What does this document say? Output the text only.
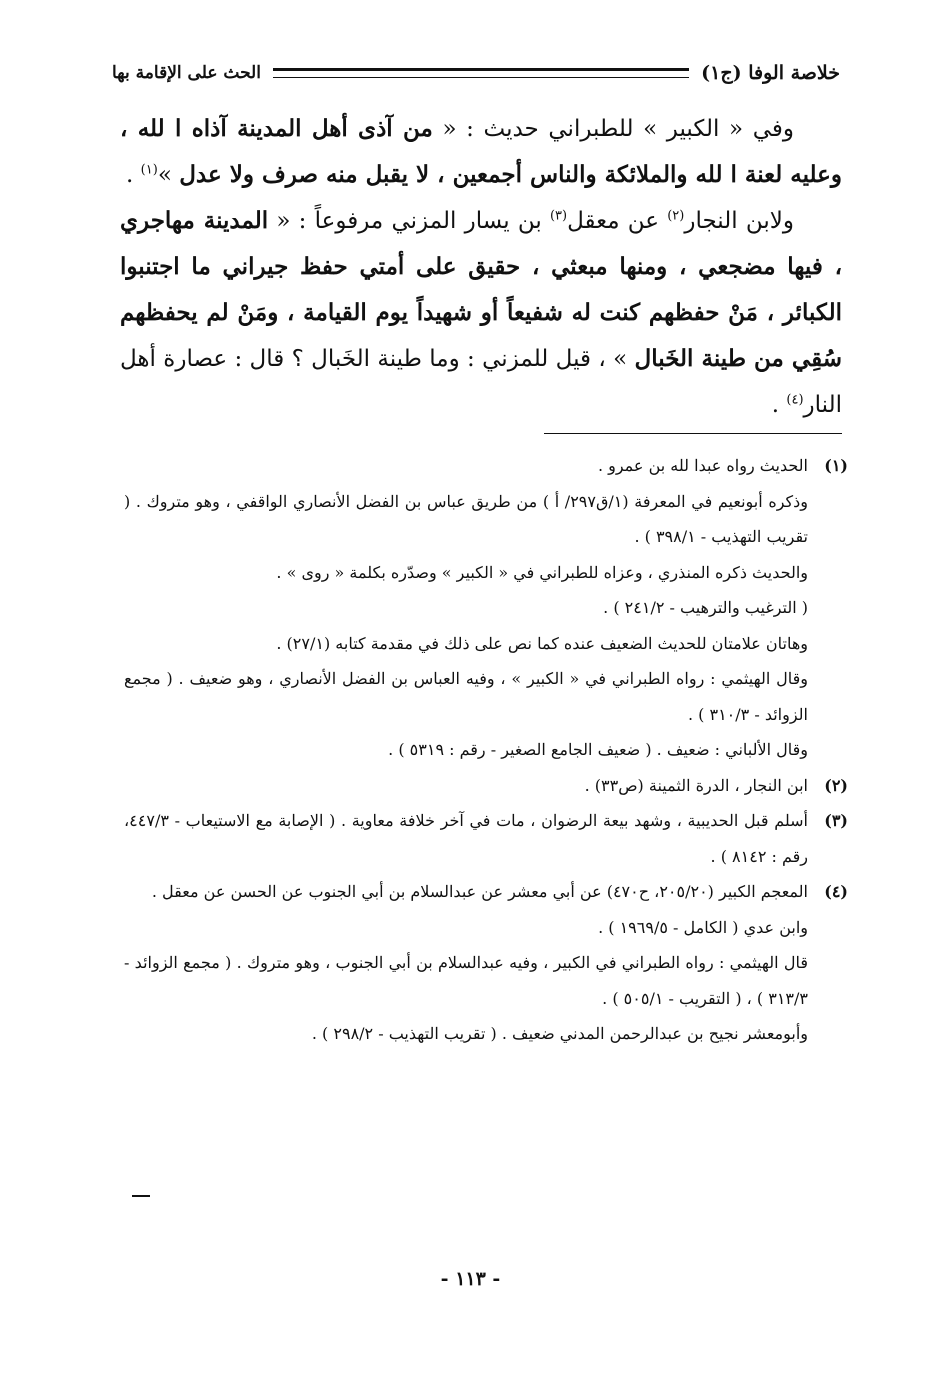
خلاصة الوفا (ج١)
الحث على الإقامة بها

وفي « الكبير » للطبراني حديث : « من آذى أهل المدينة آذاه ا لله ، وعليه لعنة ا لله والملائكة والناس أجمعين ، لا يقبل منه صرف ولا عدل »$^{(١)}$ .

ولابن النجار$^{(٢)}$ عن معقل$^{(٣)}$ بن يسار المزني مرفوعاً : « المدينة مهاجري ، فيها مضجعي ، ومنها مبعثي ، حقيق على أمتي حفظ جيراني ما اجتنبوا الكبائر ، مَنْ حفظهم كنت له شفيعاً أو شهيداً يوم القيامة ، ومَنْ لم يحفظهم سُقِي من طينة الخَبال » ، قيل للمزني : وما طينة الخَبال ؟ قال : عصارة أهل النار$^{(٤)}$ .

(١)
الحديث رواه عبدا لله بن عمرو .
وذكره أبونعيم في المعرفة (١/ق٢٩٧/ أ ) من طريق عباس بن الفضل الأنصاري الواقفي ، وهو متروك . ( تقريب التهذيب - ٣٩٨/١ ) .
والحديث ذكره المنذري ، وعزاه للطبراني في « الكبير » وصدّره بكلمة « روى » .
( الترغيب والترهيب - ٢٤١/٢ ) .
وهاتان علامتان للحديث الضعيف عنده كما نص على ذلك في مقدمة كتابه (٢٧/١) .
وقال الهيثمي : رواه الطبراني في « الكبير » ، وفيه العباس بن الفضل الأنصاري ، وهو ضعيف . ( مجمع الزوائد - ٣١٠/٣ ) .
وقال الألباني : ضعيف . ( ضعيف الجامع الصغير - رقم : ٥٣١٩ ) .
(٢)
ابن النجار ، الدرة الثمينة (ص٣٣) .
(٣)
أسلم قبل الحديبية ، وشهد بيعة الرضوان ، مات في آخر خلافة معاوية . ( الإصابة مع الاستيعاب - ٤٤٧/٣، رقم : ٨١٤٢ ) .
(٤)
المعجم الكبير (٢٠٥/٢٠، ح٤٧٠) عن أبي معشر عن عبدالسلام بن أبي الجنوب عن الحسن عن معقل .
وابن عدي ( الكامل - ١٩٦٩/٥ ) .
قال الهيثمي : رواه الطبراني في الكبير ، وفيه عبدالسلام بن أبي الجنوب ، وهو متروك . ( مجمع الزوائد - ٣١٣/٣ ) ، ( التقريب - ٥٠٥/١ ) .
وأبومعشر نجيح بن عبدالرحمن المدني ضعيف . ( تقريب التهذيب - ٢٩٨/٢ ) .
- ١١٣ -
